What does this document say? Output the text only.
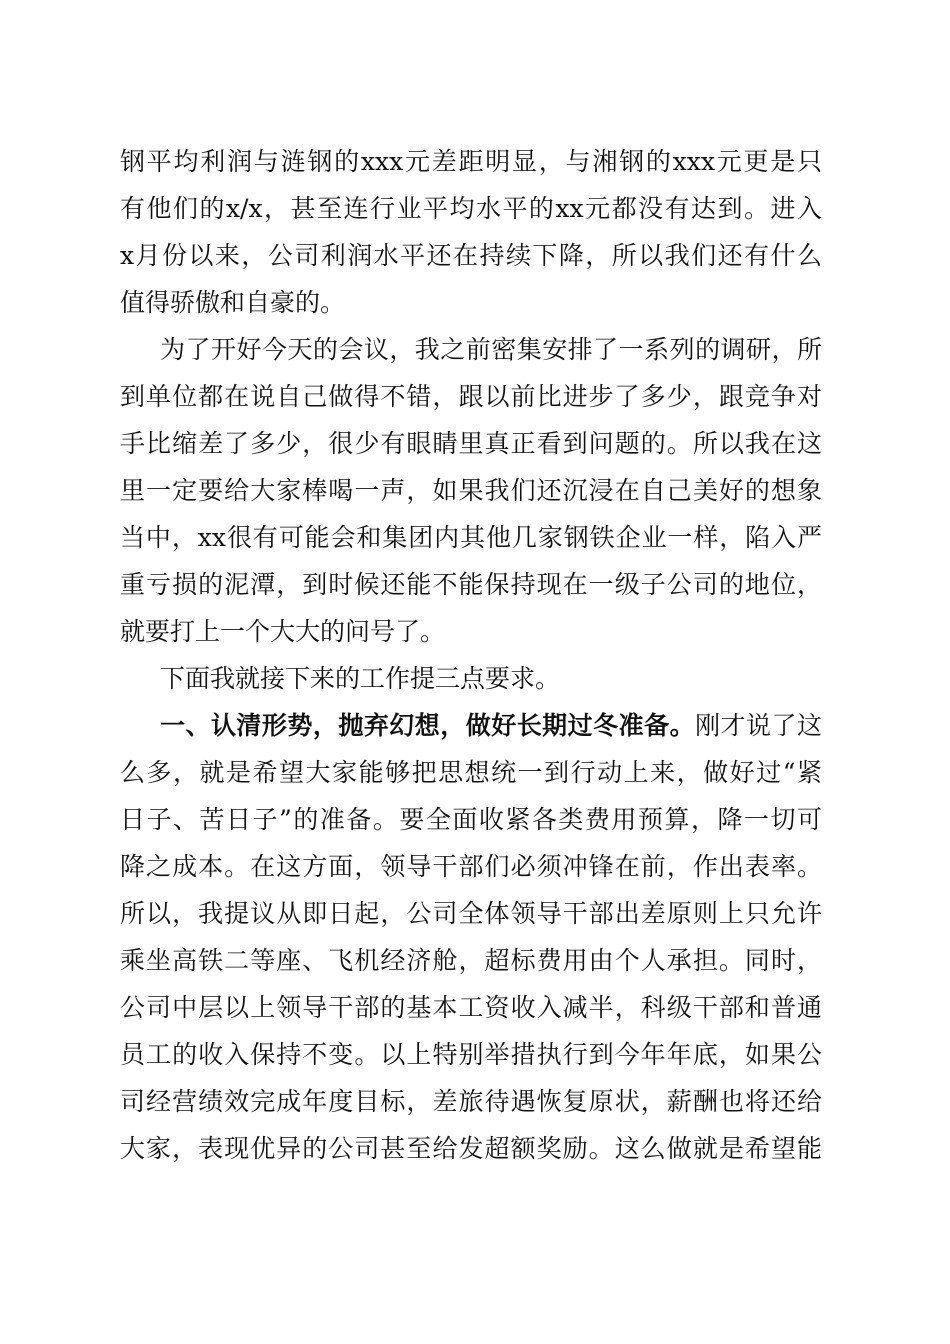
钢平均利润与涟钢的xxx元差距明显，与湘钢的xxx元更是只
有他们的x/x，甚至连行业平均水平的xx元都没有达到。进入
x月份以来，公司利润水平还在持续下降，所以我们还有什么
值得骄傲和自豪的。
为了开好今天的会议，我之前密集安排了一系列的调研，所
到单位都在说自己做得不错，跟以前比进步了多少，跟竞争对
手比缩差了多少，很少有眼睛里真正看到问题的。所以我在这
里一定要给大家棒喝一声，如果我们还沉浸在自己美好的想象
当中，xx很有可能会和集团内其他几家钢铁企业一样，陷入严
重亏损的泥潭，到时候还能不能保持现在一级子公司的地位，
就要打上一个大大的问号了。
下面我就接下来的工作提三点要求。
一、认清形势，抛弃幻想，做好长期过冬准备。刚才说了这
么多，就是希望大家能够把思想统一到行动上来，做好过“紧
日子、苦日子”的准备。要全面收紧各类费用预算，降一切可
降之成本。在这方面，领导干部们必须冲锋在前，作出表率。
所以，我提议从即日起，公司全体领导干部出差原则上只允许
乘坐高铁二等座、飞机经济舱，超标费用由个人承担。同时，
公司中层以上领导干部的基本工资收入减半，科级干部和普通
员工的收入保持不变。以上特别举措执行到今年年底，如果公
司经营绩效完成年度目标，差旅待遇恢复原状，薪酬也将还给
大家，表现优异的公司甚至给发超额奖励。这么做就是希望能
